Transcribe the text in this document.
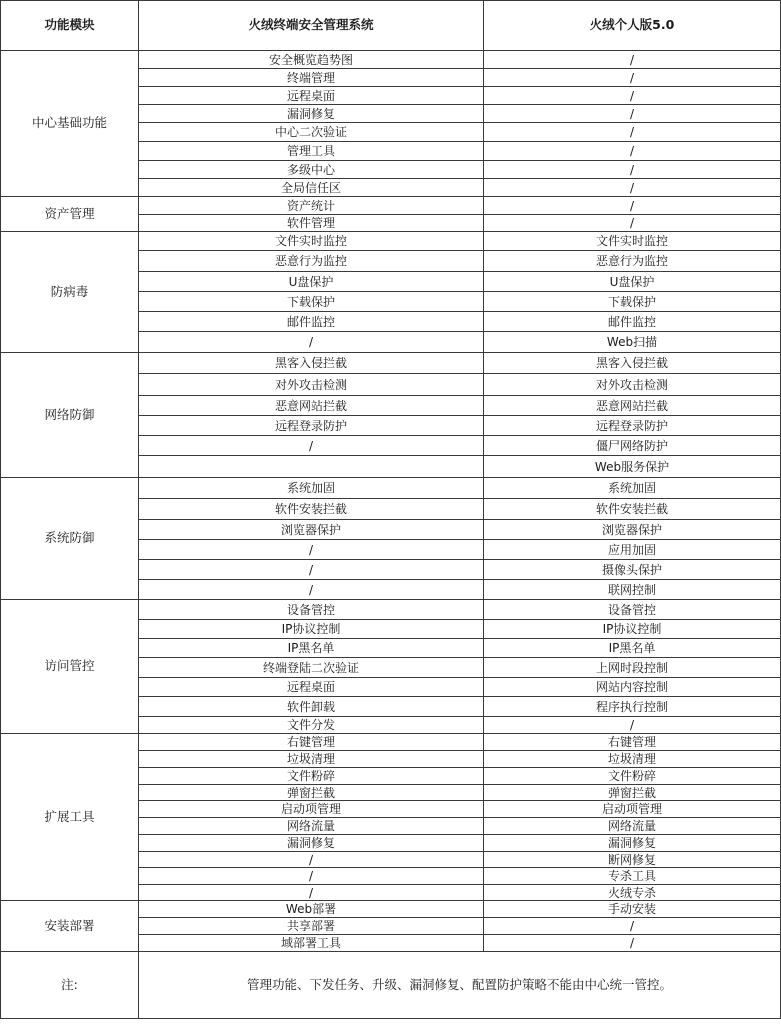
功能模块	火绒终端安全管理系统	火绒个人版5.0
中心基础功能	安全概览趋势图	/
	终端管理	/
	远程桌面	/
	漏洞修复	/
	中心二次验证	/
	管理工具	/
	多级中心	/
	全局信任区	/
资产管理	资产统计	/
	软件管理	/
防病毒	文件实时监控	文件实时监控
	恶意行为监控	恶意行为监控
	U盘保护	U盘保护
	下载保护	下载保护
	邮件监控	邮件监控
	/	Web扫描
网络防御	黑客入侵拦截	黑客入侵拦截
	对外攻击检测	对外攻击检测
	恶意网站拦截	恶意网站拦截
	远程登录防护	远程登录防护
	/	僵尸网络防护
		Web服务保护
系统防御	系统加固	系统加固
	软件安装拦截	软件安装拦截
	浏览器保护	浏览器保护
	/	应用加固
	/	摄像头保护
	/	联网控制
访问管控	设备管控	设备管控
	IP协议控制	IP协议控制
	IP黑名单	IP黑名单
	终端登陆二次验证	上网时段控制
	远程桌面	网站内容控制
	软件卸载	程序执行控制
	文件分发	/
扩展工具	右键管理	右键管理
	垃圾清理	垃圾清理
	文件粉碎	文件粉碎
	弹窗拦截	弹窗拦截
	启动项管理	启动项管理
	网络流量	网络流量
	漏洞修复	漏洞修复
	/	断网修复
	/	专杀工具
	/	火绒专杀
安装部署	Web部署	手动安装
	共享部署	/
	域部署工具	/
注:	管理功能、下发任务、升级、漏洞修复、配置防护策略不能由中心统一管控。	
